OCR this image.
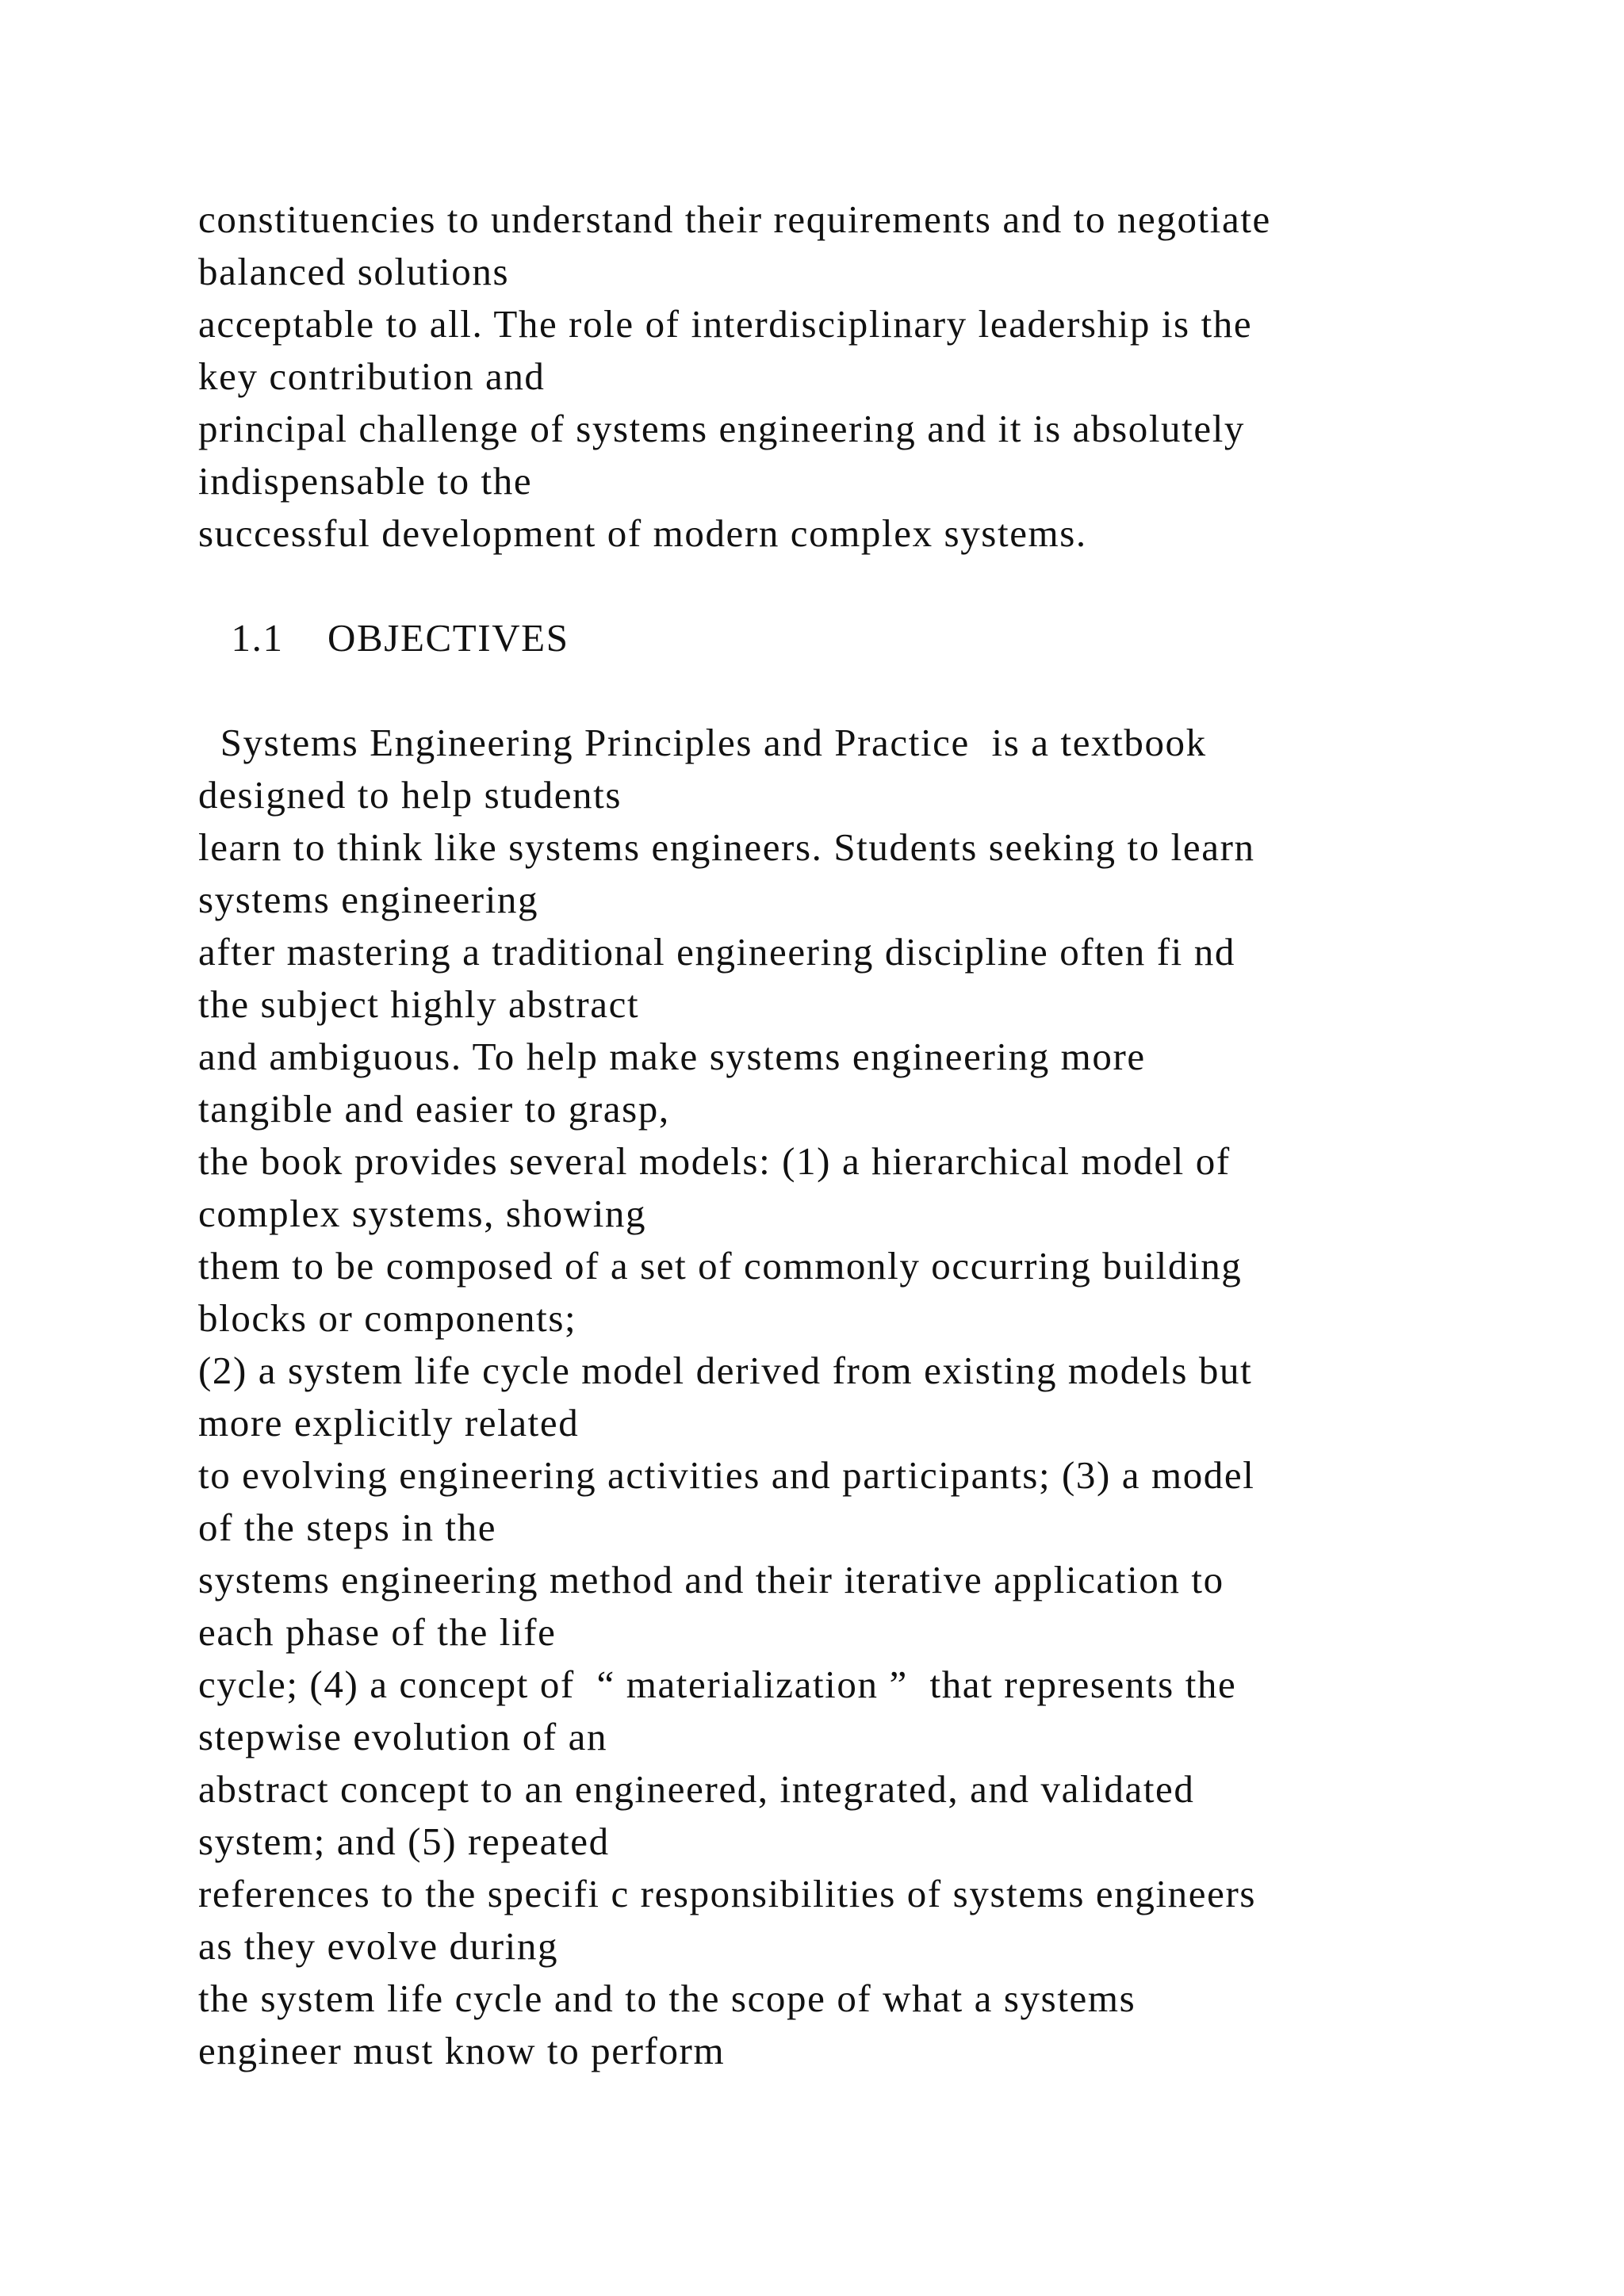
constituencies to understand their requirements and to negotiate
balanced solutions
acceptable to all. The role of interdisciplinary leadership is the
key contribution and
principal challenge of systems engineering and it is absolutely
indispensable to the
successful development of modern complex systems.
1.1    OBJECTIVES
Systems Engineering Principles and Practice  is a textbook
designed to help students
learn to think like systems engineers. Students seeking to learn
systems engineering
after mastering a traditional engineering discipline often fi nd
the subject highly abstract
and ambiguous. To help make systems engineering more
tangible and easier to grasp,
the book provides several models: (1) a hierarchical model of
complex systems, showing
them to be composed of a set of commonly occurring building
blocks or components;
(2) a system life cycle model derived from existing models but
more explicitly related
to evolving engineering activities and participants; (3) a model
of the steps in the
systems engineering method and their iterative application to
each phase of the life
cycle; (4) a concept of  “ materialization ”  that represents the
stepwise evolution of an
abstract concept to an engineered, integrated, and validated
system; and (5) repeated
references to the specifi c responsibilities of systems engineers
as they evolve during
the system life cycle and to the scope of what a systems
engineer must know to perform
